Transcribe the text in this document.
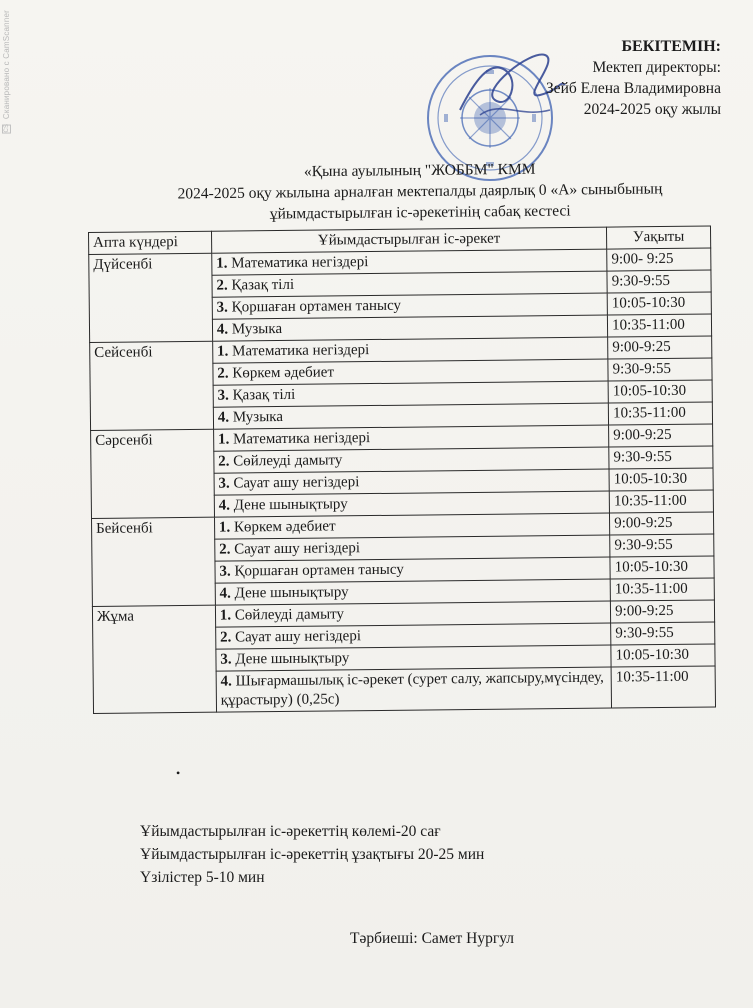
CS Сканировано с CamScanner	БЕКІТЕМІН:
Мектеп директоры:
Зейб Елена Владимировна
2024-2025 оқу жылы
«Қына ауылының "ЖОББМ" КММ
2024-2025 оқу жылына арналған мектепалды даярлық 0 «А» сыныбының
ұйымдастырылған іс-әрекетінің сабақ кестесі
Апта күндері	Ұйымдастырылған іс-әрекет	Уақыты
Дүйсенбі	1. Математика негіздері	9:00- 9:25
	2. Қазақ тілі	9:30-9:55
	3. Қоршаған ортамен танысу	10:05-10:30
	4. Музыка	10:35-11:00
Сейсенбі	1. Математика негіздері	9:00-9:25
	2. Көркем әдебиет	9:30-9:55
	3. Қазақ тілі	10:05-10:30
	4. Музыка	10:35-11:00
Сәрсенбі	1. Математика негіздері	9:00-9:25
	2. Сөйлеуді дамыту	9:30-9:55
	3. Сауат ашу негіздері	10:05-10:30
	4. Дене шынықтыру	10:35-11:00
Бейсенбі	1. Көркем әдебиет	9:00-9:25
	2. Сауат ашу негіздері	9:30-9:55
	3. Қоршаған ортамен танысу	10:05-10:30
	4. Дене шынықтыру	10:35-11:00
Жұма	1. Сөйлеуді дамыту	9:00-9:25
	2. Сауат ашу негіздері	9:30-9:55
	3. Дене шынықтыру	10:05-10:30
	4. Шығармашылық іс-әрекет (сурет салу, жапсыру,мүсіндеу, құрастыру) (0,25с)	10:35-11:00
•
Ұйымдастырылған іс-әрекеттің көлемі-20 сағ
Ұйымдастырылған іс-әрекеттің ұзақтығы 20-25 мин
Үзілістер 5-10 мин
Тәрбиеші: Самет Нургул
